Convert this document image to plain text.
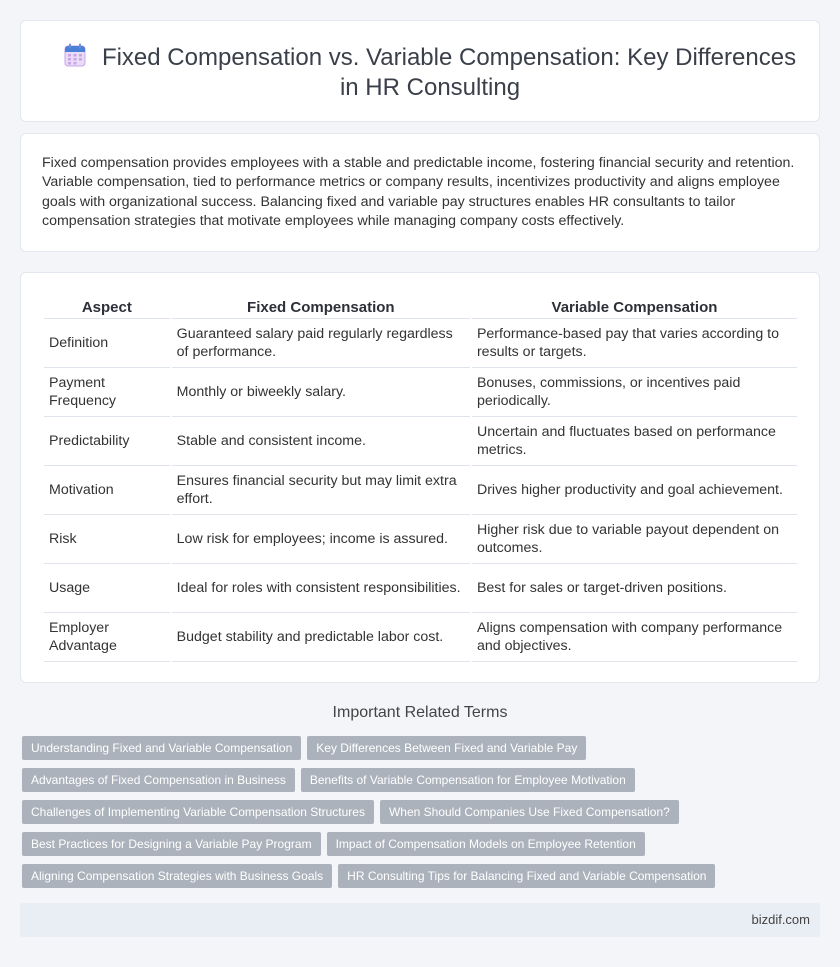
Fixed Compensation vs. Variable Compensation: Key Differences in HR Consulting

Fixed compensation provides employees with a stable and predictable income, fostering financial security and retention. Variable compensation, tied to performance metrics or company results, incentivizes productivity and aligns employee goals with organizational success. Balancing fixed and variable pay structures enables HR consultants to tailor compensation strategies that motivate employees while managing company costs effectively.

Aspect	Fixed Compensation	Variable Compensation
Definition	Guaranteed salary paid regularly regardless of performance.	Performance-based pay that varies according to results or targets.
Payment Frequency	Monthly or biweekly salary.	Bonuses, commissions, or incentives paid periodically.
Predictability	Stable and consistent income.	Uncertain and fluctuates based on performance metrics.
Motivation	Ensures financial security but may limit extra effort.	Drives higher productivity and goal achievement.
Risk	Low risk for employees; income is assured.	Higher risk due to variable payout dependent on outcomes.
Usage	Ideal for roles with consistent responsibilities.	Best for sales or target-driven positions.
Employer Advantage	Budget stability and predictable labor cost.	Aligns compensation with company performance and objectives.
Important Related Terms
Understanding Fixed and Variable Compensation Key Differences Between Fixed and Variable Pay
Advantages of Fixed Compensation in Business Benefits of Variable Compensation for Employee Motivation
Challenges of Implementing Variable Compensation Structures When Should Companies Use Fixed Compensation?
Best Practices for Designing a Variable Pay Program Impact of Compensation Models on Employee Retention
Aligning Compensation Strategies with Business Goals HR Consulting Tips for Balancing Fixed and Variable Compensation
bizdif.com
